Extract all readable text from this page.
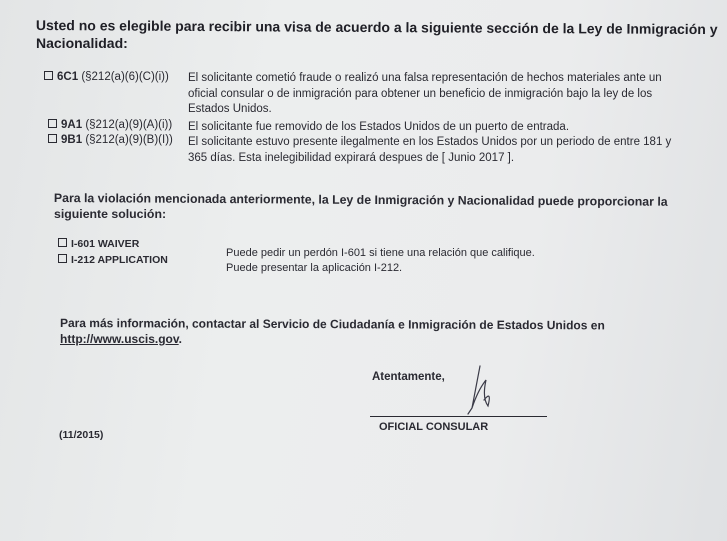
Usted no es elegible para recibir una visa de acuerdo a la siguiente sección de la Ley de Inmigración y
Nacionalidad:
6C1 (§212(a)(6)(C)(i)) El solicitante cometió fraude o realizó una falsa representación de hechos materiales ante un
oficial consular o de inmigración para obtener un beneficio de inmigración bajo la ley de los
Estados Unidos.
9A1 (§212(a)(9)(A)(i)) El solicitante fue removido de los Estados Unidos de un puerto de entrada.
9B1 (§212(a)(9)(B)(I)) El solicitante estuvo presente ilegalmente en los Estados Unidos por un periodo de entre 181 y
365 días. Esta inelegibilidad expirará despues de [ Junio 2017 ].
Para la violación mencionada anteriormente, la Ley de Inmigración y Nacionalidad puede proporcionar la
siguiente solución:
I-601 WAIVER
Puede pedir un perdón I-601 si tiene una relación que califique.
I-212 APPLICATION
Puede presentar la aplicación I-212.
Para más información, contactar al Servicio de Ciudadanía e Inmigración de Estados Unidos en
http://www.uscis.gov.
Atentamente,
OFICIAL CONSULAR
(11/2015)
